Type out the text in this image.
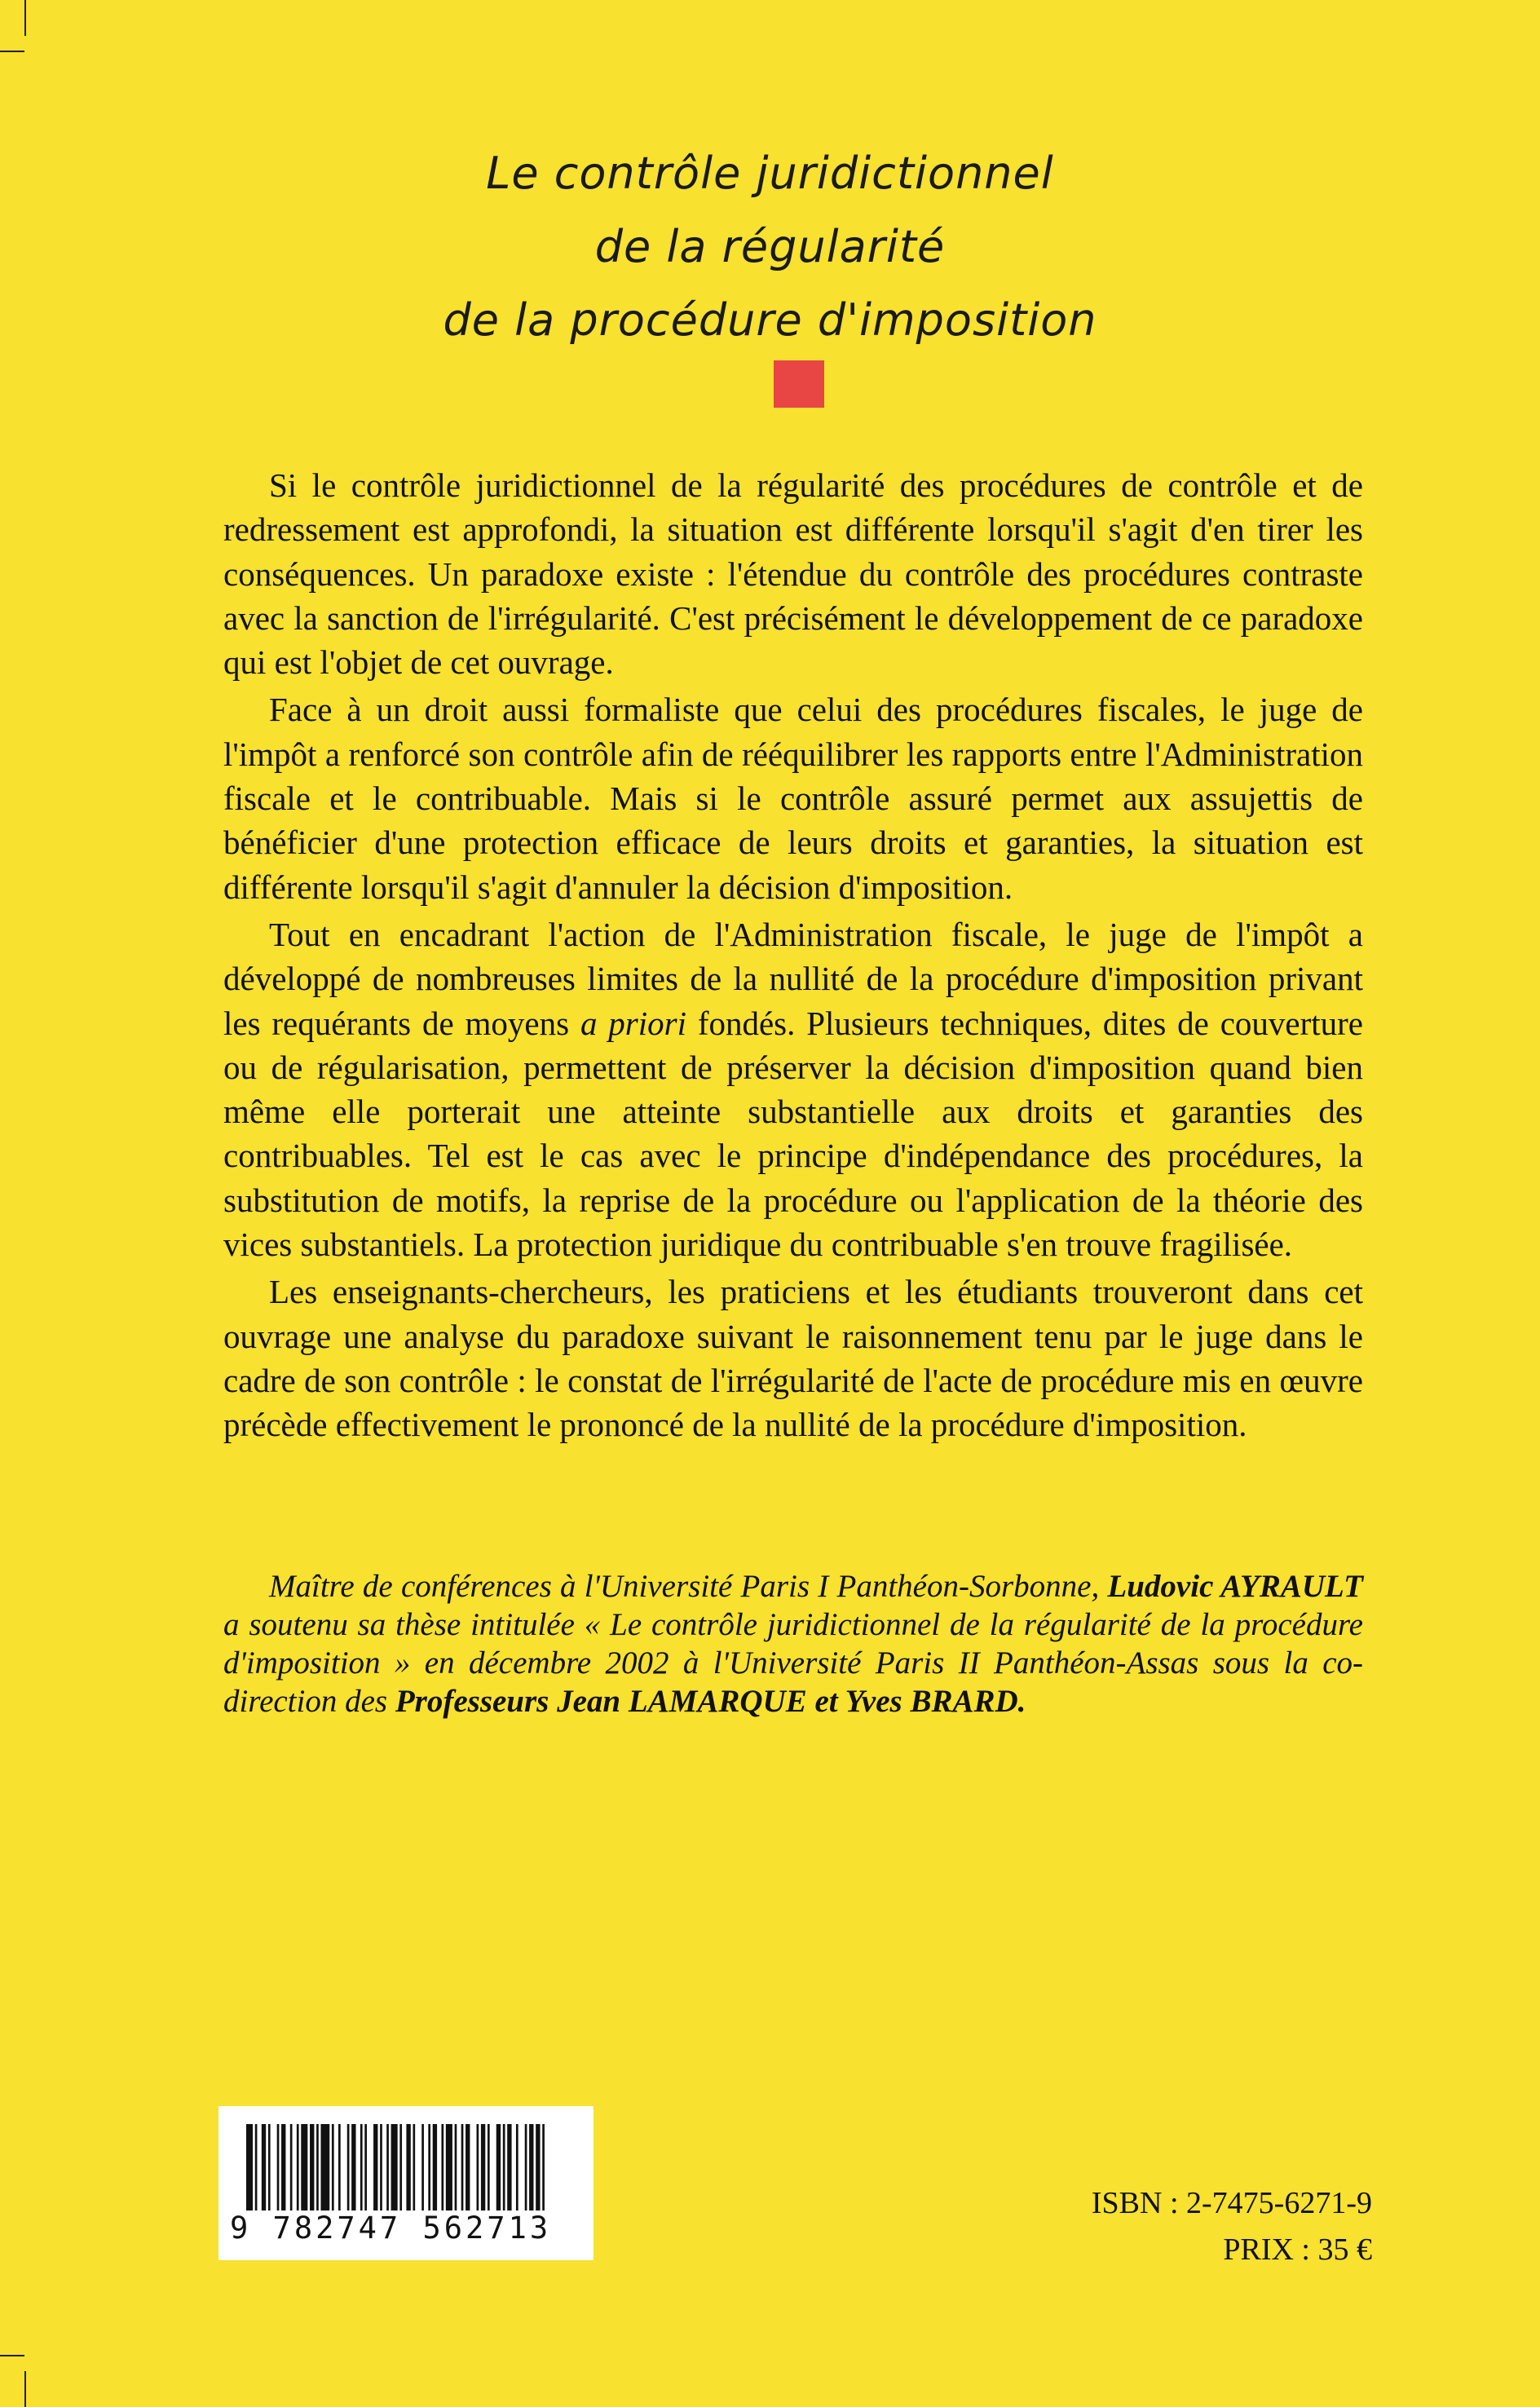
Le contrôle juridictionnel
de la régularité
de la procédure d'imposition

Si le contrôle juridictionnel de la régularité des procédures de contrôle et de redressement est approfondi, la situation est différente lorsqu'il s'agit d'en tirer les conséquences. Un paradoxe existe : l'étendue du contrôle des procédures contraste avec la sanction de l'irrégularité. C'est précisément le développement de ce paradoxe qui est l'objet de cet ouvrage.

Face à un droit aussi formaliste que celui des procédures fiscales, le juge de l'impôt a renforcé son contrôle afin de rééquilibrer les rapports entre l'Administration fiscale et le contribuable. Mais si le contrôle assuré permet aux assujettis de bénéficier d'une protection efficace de leurs droits et garanties, la situation est différente lorsqu'il s'agit d'annuler la décision d'imposition.

Tout en encadrant l'action de l'Administration fiscale, le juge de l'impôt a développé de nombreuses limites de la nullité de la procédure d'imposition privant les requérants de moyens a priori fondés. Plusieurs techniques, dites de couverture ou de régularisation, permettent de préserver la décision d'imposition quand bien même elle porterait une atteinte substantielle aux droits et garanties des contribuables. Tel est le cas avec le principe d'indépendance des procédures, la substitution de motifs, la reprise de la procédure ou l'application de la théorie des vices substantiels. La protection juridique du contribuable s'en trouve fragilisée.

Les enseignants-chercheurs, les praticiens et les étudiants trouveront dans cet ouvrage une analyse du paradoxe suivant le raisonnement tenu par le juge dans le cadre de son contrôle : le constat de l'irrégularité de l'acte de procédure mis en œuvre précède effectivement le prononcé de la nullité de la procédure d'imposition.

Maître de conférences à l'Université Paris I Panthéon-Sorbonne, Ludovic AYRAULT a soutenu sa thèse intitulée « Le contrôle juridictionnel de la régularité de la procédure d'imposition » en décembre 2002 à l'Université Paris II Panthéon-Assas sous la co-direction des Professeurs Jean LAMARQUE et Yves BRARD.

9 782747 562713
ISBN : 2-7475-6271-9
PRIX : 35 €
